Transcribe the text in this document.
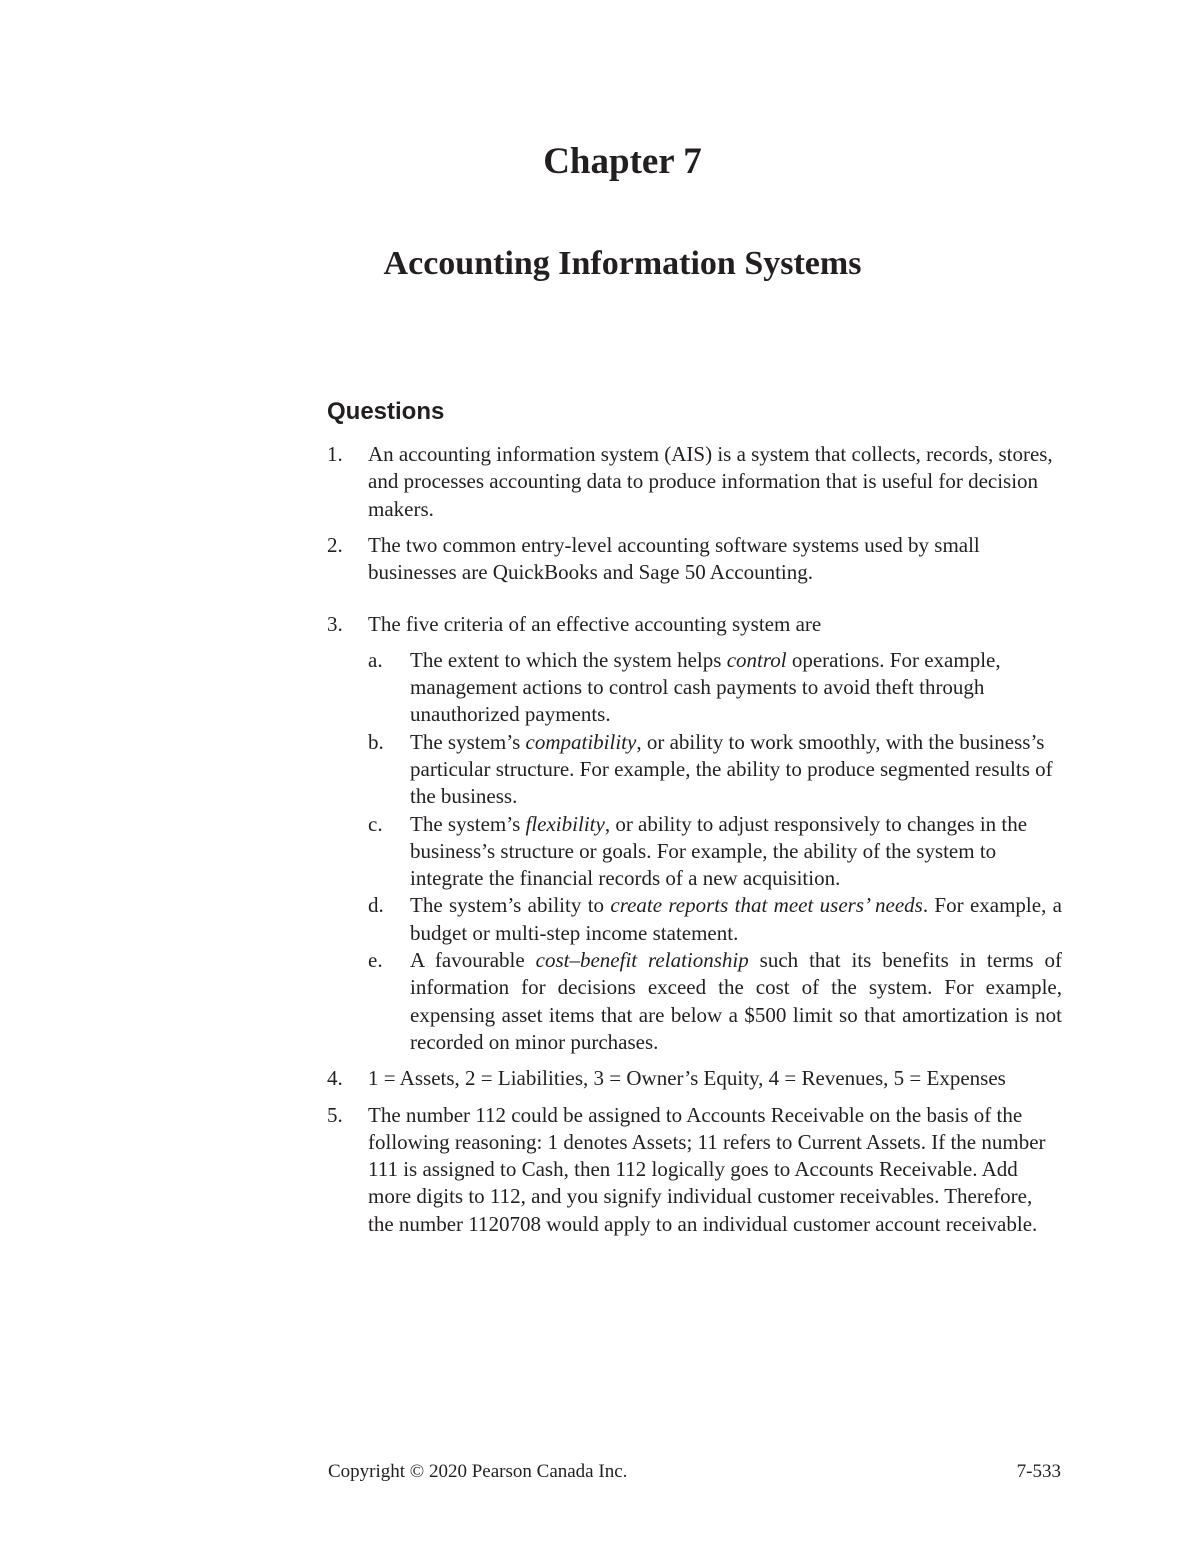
Chapter 7
Accounting Information Systems
Questions
1. An accounting information system (AIS) is a system that collects, records, stores, and processes accounting data to produce information that is useful for decision makers.
2. The two common entry-level accounting software systems used by small businesses are QuickBooks and Sage 50 Accounting.
3. The five criteria of an effective accounting system are
a. The extent to which the system helps control operations. For example, management actions to control cash payments to avoid theft through unauthorized payments.
b. The system’s compatibility, or ability to work smoothly, with the business’s particular structure. For example, the ability to produce segmented results of the business.
c. The system’s flexibility, or ability to adjust responsively to changes in the business’s structure or goals. For example, the ability of the system to integrate the financial records of a new acquisition.
d. The system’s ability to create reports that meet users’ needs. For example, a budget or multi-step income statement.
e. A favourable cost–benefit relationship such that its benefits in terms of information for decisions exceed the cost of the system. For example, expensing asset items that are below a $500 limit so that amortization is not recorded on minor purchases.
4. 1 = Assets, 2 = Liabilities, 3 = Owner’s Equity, 4 = Revenues, 5 = Expenses
5. The number 112 could be assigned to Accounts Receivable on the basis of the following reasoning: 1 denotes Assets; 11 refers to Current Assets. If the number 111 is assigned to Cash, then 112 logically goes to Accounts Receivable. Add more digits to 112, and you signify individual customer receivables. Therefore, the number 1120708 would apply to an individual customer account receivable.
Copyright © 2020 Pearson Canada Inc.	7-533
